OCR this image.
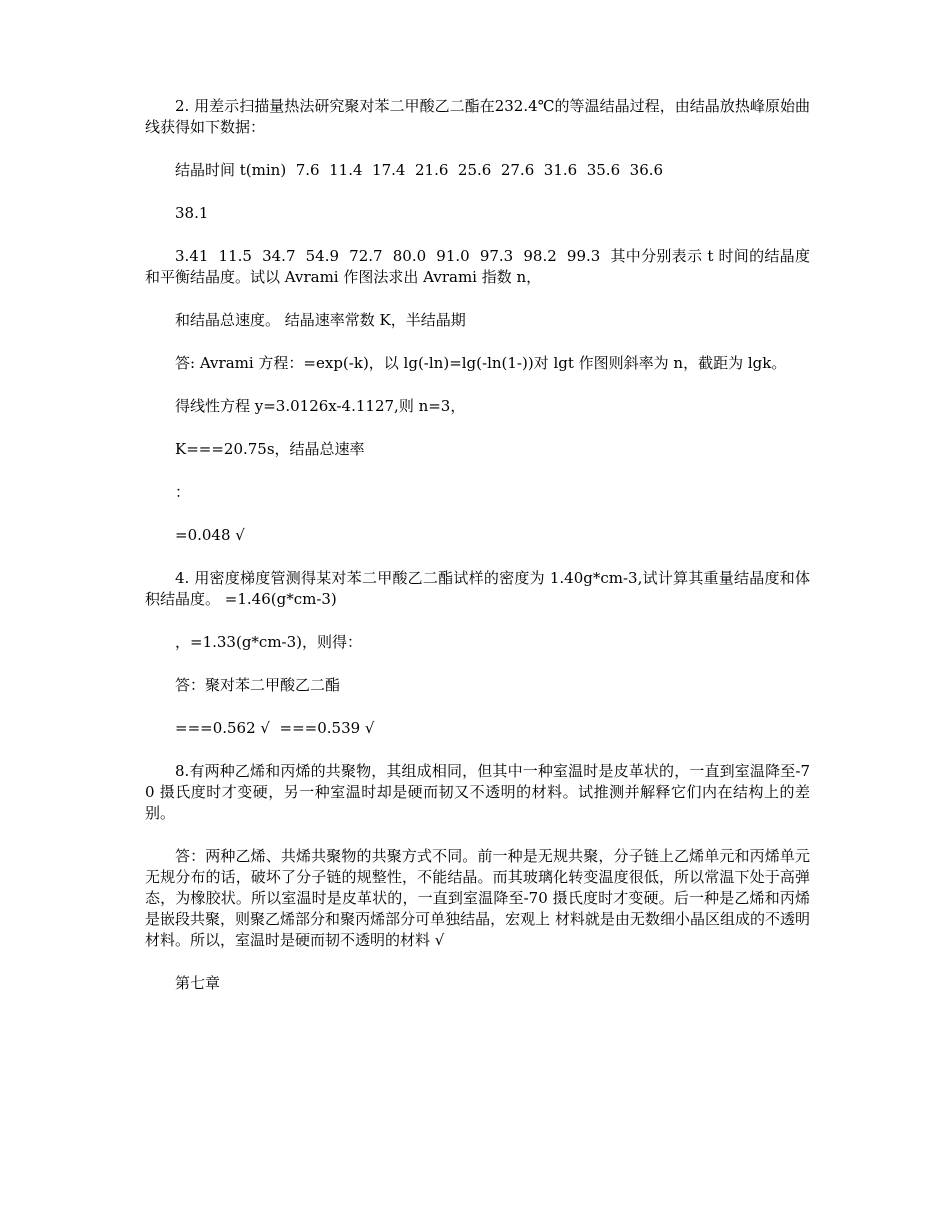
2. 用差示扫描量热法研究聚对苯二甲酸乙二酯在232.4℃的等温结晶过程，由结晶放热峰原始曲线获得如下数据：

结晶时间 t(min)  7.6  11.4  17.4  21.6  25.6  27.6  31.6  35.6  36.6

38.1

3.41  11.5  34.7  54.9  72.7  80.0  91.0  97.3  98.2  99.3  其中分别表示 t 时间的结晶度和平衡结晶度。试以 Avrami 作图法求出 Avrami 指数 n，

和结晶总速度。 结晶速率常数 K，半结晶期

答: Avrami 方程：=exp(-k)，以 lg(-ln)=lg(-ln(1-))对 lgt 作图则斜率为 n，截距为 lgk。

得线性方程 y=3.0126x-4.1127,则 n=3，

K===20.75s，结晶总速率

：

=0.048 √

4. 用密度梯度管测得某对苯二甲酸乙二酯试样的密度为 1.40g*cm-3,试计算其重量结晶度和体积结晶度。 =1.46(g*cm-3)

，=1.33(g*cm-3)，则得：

答：聚对苯二甲酸乙二酯

===0.562 √  ===0.539 √

8.有两种乙烯和丙烯的共聚物，其组成相同，但其中一种室温时是皮革状的，一直到室温降至-70 摄氏度时才变硬，另一种室温时却是硬而韧又不透明的材料。试推测并解释它们内在结构上的差别。

答：两种乙烯、共烯共聚物的共聚方式不同。前一种是无规共聚，分子链上乙烯单元和丙烯单元无规分布的话，破坏了分子链的规整性，不能结晶。而其玻璃化转变温度很低，所以常温下处于高弹态，为橡胶状。所以室温时是皮革状的，一直到室温降至-70 摄氏度时才变硬。后一种是乙烯和丙烯是嵌段共聚，则聚乙烯部分和聚丙烯部分可单独结晶，宏观上 材料就是由无数细小晶区组成的不透明材料。所以，室温时是硬而韧不透明的材料 √

第七章
